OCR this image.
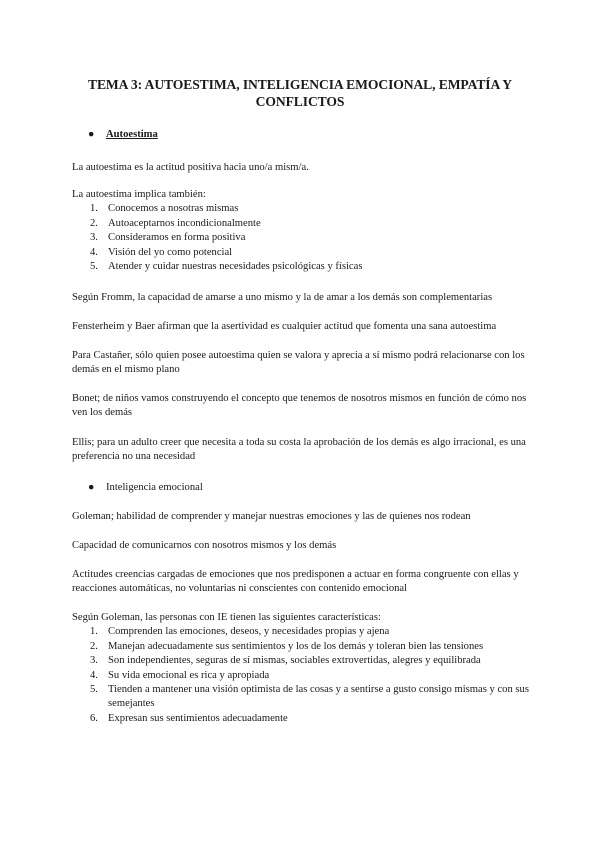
TEMA 3: AUTOESTIMA, INTELIGENCIA EMOCIONAL, EMPATÍA Y CONFLICTOS
● Autoestima

La autoestima es la actitud positiva hacia uno/a mism/a.

La autoestima implica también:
1. Conocemos a nosotras mismas
2. Autoaceptarnos incondicionalmente
3. Consideramos en forma positiva
4. Visión del yo como potencial
5. Atender y cuidar nuestras necesidades psicológicas y físicas

Según Fromm, la capacidad de amarse a uno mismo y la de amar a los demás son complementarias

Fensterheim y Baer afirman que la asertividad es cualquier actitud que fomenta una sana autoestima

Para Castañer, sólo quien posee autoestima quien se valora y aprecia a sí mismo podrá relacionarse con los demás en el mismo plano

Bonet; de niños vamos construyendo el concepto que tenemos de nosotros mismos en función de cómo nos ven los demás

Ellis; para un adulto creer que necesita a toda su costa la aprobación de los demás es algo irracional, es una preferencia no una necesidad

● Inteligencia emocional

Goleman; habilidad de comprender y manejar nuestras emociones y las de quienes nos rodean

Capacidad de comunicarnos con nosotros mismos y los demás

Actitudes creencias cargadas de emociones que nos predisponen a actuar en forma congruente con ellas y reacciones automáticas, no voluntarias ni conscientes con contenido emocional

Según Goleman, las personas con IE tienen las siguientes características:
1. Comprenden las emociones, deseos, y necesidades propias y ajena
2. Manejan adecuadamente sus sentimientos y los de los demás y toleran bien las tensiones
3. Son independientes, seguras de sí mismas, sociables extrovertidas, alegres y equilibrada
4. Su vida emocional es rica y apropiada
5. Tienden a mantener una visión optimista de las cosas y a sentirse a gusto consigo mismas y con sus semejantes
6. Expresan sus sentimientos adecuadamente
